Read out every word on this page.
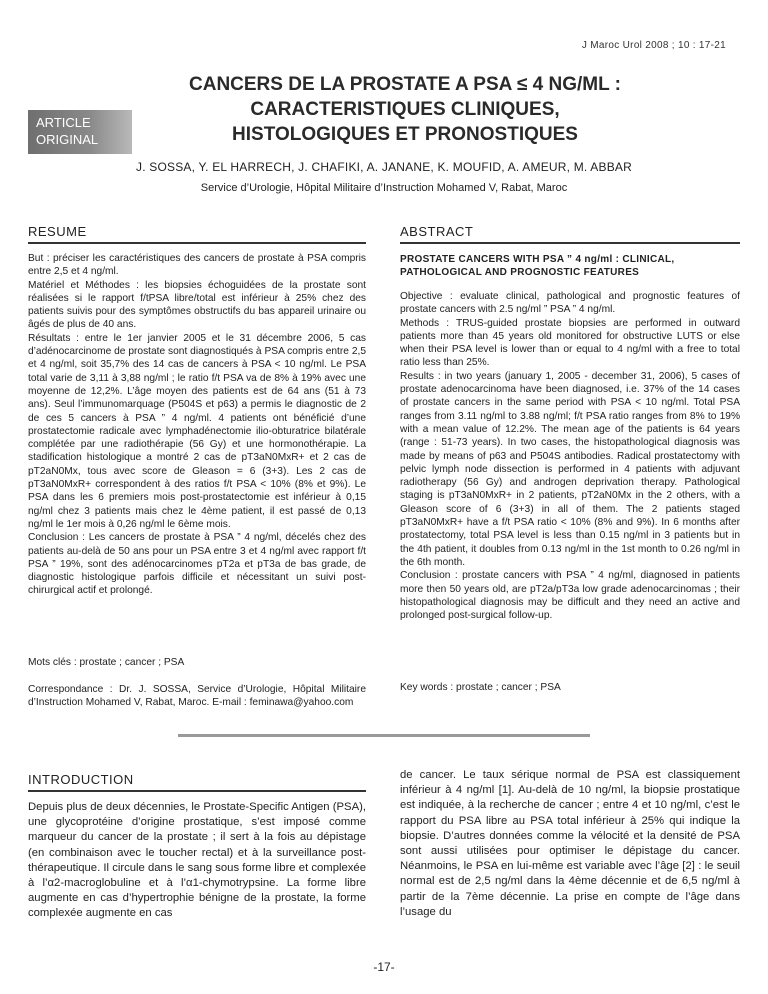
J Maroc Urol 2008 ; 10 : 17-21
ARTICLE
ORIGINAL
CANCERS DE LA PROSTATE A PSA ≤ 4 NG/ML :
CARACTERISTIQUES CLINIQUES,
HISTOLOGIQUES ET PRONOSTIQUES
J. SOSSA, Y. EL HARRECH, J. CHAFIKI, A. JANANE, K. MOUFID, A. AMEUR, M. ABBAR
Service d’Urologie, Hôpital Militaire d’Instruction Mohamed V, Rabat, Maroc
RESUME

But : préciser les caractéristiques des cancers de prostate à PSA compris entre 2,5 et 4 ng/ml.

Matériel et Méthodes : les biopsies échoguidées de la prostate sont réalisées si le rapport f/tPSA libre/total est inférieur à 25% chez des patients suivis pour des symptômes obstructifs du bas appareil urinaire ou âgés de plus de 40 ans.

Résultats : entre le 1er janvier 2005 et le 31 décembre 2006, 5 cas d’adénocarcinome de prostate sont diagnostiqués à PSA compris entre 2,5 et 4 ng/ml, soit 35,7% des 14 cas de cancers à PSA < 10 ng/ml. Le PSA total varie de 3,11 à 3,88 ng/ml ; le ratio f/t PSA va de 8% à 19% avec une moyenne de 12,2%. L’âge moyen des patients est de 64 ans (51 à 73 ans). Seul l’immunomarquage (P504S et p63) a permis le diagnostic de 2 de ces 5 cancers à PSA ” 4 ng/ml. 4 patients ont bénéficié d’une prostatectomie radicale avec lymphadénectomie ilio-obturatrice bilatérale complétée par une radiothérapie (56 Gy) et une hormonothérapie. La stadification histologique a montré 2 cas de pT3aN0MxR+ et 2 cas de pT2aN0Mx, tous avec score de Gleason = 6 (3+3). Les 2 cas de pT3aN0MxR+ correspondent à des ratios f/t PSA < 10% (8% et 9%). Le PSA dans les 6 premiers mois post-prostatectomie est inférieur à 0,15 ng/ml chez 3 patients mais chez le 4ème patient, il est passé de 0,13 ng/ml le 1er mois à 0,26 ng/ml le 6ème mois.

Conclusion : Les cancers de prostate à PSA ” 4 ng/ml, décelés chez des patients au-delà de 50 ans pour un PSA entre 3 et 4 ng/ml avec rapport f/t PSA ” 19%, sont des adénocarcinomes pT2a et pT3a de bas grade, de diagnostic histologique parfois difficile et nécessitant un suivi post-chirurgical actif et prolongé.

Mots clés : prostate ; cancer ; PSA
Correspondance : Dr. J. SOSSA, Service d’Urologie, Hôpital Militaire d’Instruction Mohamed V, Rabat, Maroc. E-mail : feminawa@yahoo.com
ABSTRACT
PROSTATE CANCERS WITH PSA ” 4 ng/ml : CLINICAL, PATHOLOGICAL AND PROGNOSTIC FEATURES

Objective : evaluate clinical, pathological and prognostic features of prostate cancers with 2.5 ng/ml ” PSA ” 4 ng/ml.

Methods : TRUS-guided prostate biopsies are performed in outward patients more than 45 years old monitored for obstructive LUTS or else when their PSA level is lower than or equal to 4 ng/ml with a free to total ratio less than 25%.

Results : in two years (january 1, 2005 - december 31, 2006), 5 cases of prostate adenocarcinoma have been diagnosed, i.e. 37% of the 14 cases of prostate cancers in the same period with PSA < 10 ng/ml. Total PSA ranges from 3.11 ng/ml to 3.88 ng/ml; f/t PSA ratio ranges from 8% to 19% with a mean value of 12.2%. The mean age of the patients is 64 years (range : 51-73 years). In two cases, the histopathological diagnosis was made by means of p63 and P504S antibodies. Radical prostatectomy with pelvic lymph node dissection is performed in 4 patients with adjuvant radiotherapy (56 Gy) and androgen deprivation therapy. Pathological staging is pT3aN0MxR+ in 2 patients, pT2aN0Mx in the 2 others, with a Gleason score of 6 (3+3) in all of them. The 2 patients staged pT3aN0MxR+ have a f/t PSA ratio < 10% (8% and 9%). In 6 months after prostatectomy, total PSA level is less than 0.15 ng/ml in 3 patients but in the 4th patient, it doubles from 0.13 ng/ml in the 1st month to 0.26 ng/ml in the 6th month.

Conclusion : prostate cancers with PSA ” 4 ng/ml, diagnosed in patients more then 50 years old, are pT2a/pT3a low grade adenocarcinomas ; their histopathological diagnosis may be difficult and they need an active and prolonged post-surgical follow-up.

Key words : prostate ; cancer ; PSA
INTRODUCTION
Depuis plus de deux décennies, le Prostate-Specific Antigen (PSA), une glycoprotéine d’origine prostatique, s’est imposé comme marqueur du cancer de la prostate ; il sert à la fois au dépistage (en combinaison avec le toucher rectal) et à la surveillance post-thérapeutique. Il circule dans le sang sous forme libre et complexée à l’α2-macroglobuline et à l’α1-chymotrypsine. La forme libre augmente en cas d’hypertrophie bénigne de la prostate, la forme complexée augmente en cas
de cancer. Le taux sérique normal de PSA est classiquement inférieur à 4 ng/ml [1]. Au-delà de 10 ng/ml, la biopsie prostatique est indiquée, à la recherche de cancer ; entre 4 et 10 ng/ml, c’est le rapport du PSA libre au PSA total inférieur à 25% qui indique la biopsie. D’autres données comme la vélocité et la densité de PSA sont aussi utilisées pour optimiser le dépistage du cancer. Néanmoins, le PSA en lui-même est variable avec l’âge [2] : le seuil normal est de 2,5 ng/ml dans la 4ème décennie et de 6,5 ng/ml à partir de la 7ème décennie. La prise en compte de l’âge dans l’usage du
-17-
